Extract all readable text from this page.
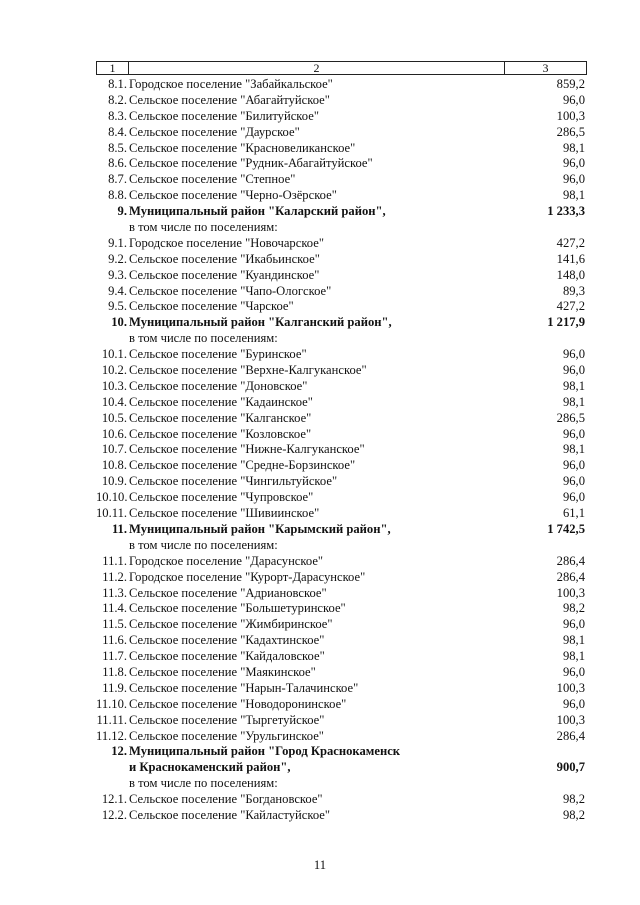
1	2	3
8.1. Городское поселение "Забайкальское"	859,2
8.2. Сельское поселение "Абагайтуйское"	96,0
8.3. Сельское поселение "Билитуйское"	100,3
8.4. Сельское поселение "Даурское"	286,5
8.5. Сельское поселение "Красновеликанское"	98,1
8.6. Сельское поселение "Рудник-Абагайтуйское"	96,0
8.7. Сельское поселение "Степное"	96,0
8.8. Сельское поселение "Черно-Озёрское"	98,1
9. Муниципальный район "Каларский район",	1 233,3
в том числе по поселениям:
9.1. Городское поселение "Новочарское"	427,2
9.2. Сельское поселение "Икабьинское"	141,6
9.3. Сельское поселение "Куандинское"	148,0
9.4. Сельское поселение "Чапо-Ологское"	89,3
9.5. Сельское поселение "Чарское"	427,2
10. Муниципальный район "Калганский район",	1 217,9
в том числе по поселениям:
10.1. Сельское поселение "Буринское"	96,0
10.2. Сельское поселение "Верхне-Калгуканское"	96,0
10.3. Сельское поселение "Доновское"	98,1
10.4. Сельское поселение "Кадаинское"	98,1
10.5. Сельское поселение "Калганское"	286,5
10.6. Сельское поселение "Козловское"	96,0
10.7. Сельское поселение "Нижне-Калгуканское"	98,1
10.8. Сельское поселение "Средне-Борзинское"	96,0
10.9. Сельское поселение "Чингильтуйское"	96,0
10.10. Сельское поселение "Чупровское"	96,0
10.11. Сельское поселение "Шивиинское"	61,1
11. Муниципальный район "Карымский район",	1 742,5
в том числе по поселениям:
11.1. Городское поселение "Дарасунское"	286,4
11.2. Городское поселение "Курорт-Дарасунское"	286,4
11.3. Сельское поселение "Адриановское"	100,3
11.4. Сельское поселение "Большетуринское"	98,2
11.5. Сельское поселение "Жимбиринское"	96,0
11.6. Сельское поселение "Кадахтинское"	98,1
11.7. Сельское поселение "Кайдаловское"	98,1
11.8. Сельское поселение "Маякинское"	96,0
11.9. Сельское поселение "Нарын-Талачинское"	100,3
11.10. Сельское поселение "Новодоронинское"	96,0
11.11. Сельское поселение "Тыргетуйское"	100,3
11.12. Сельское поселение "Урульгинское"	286,4
12. Муниципальный район "Город Краснокаменск
и Краснокаменский район",	900,7
в том числе по поселениям:
12.1. Сельское поселение "Богдановское"	98,2
12.2. Сельское поселение "Кайластуйское"	98,2
11
